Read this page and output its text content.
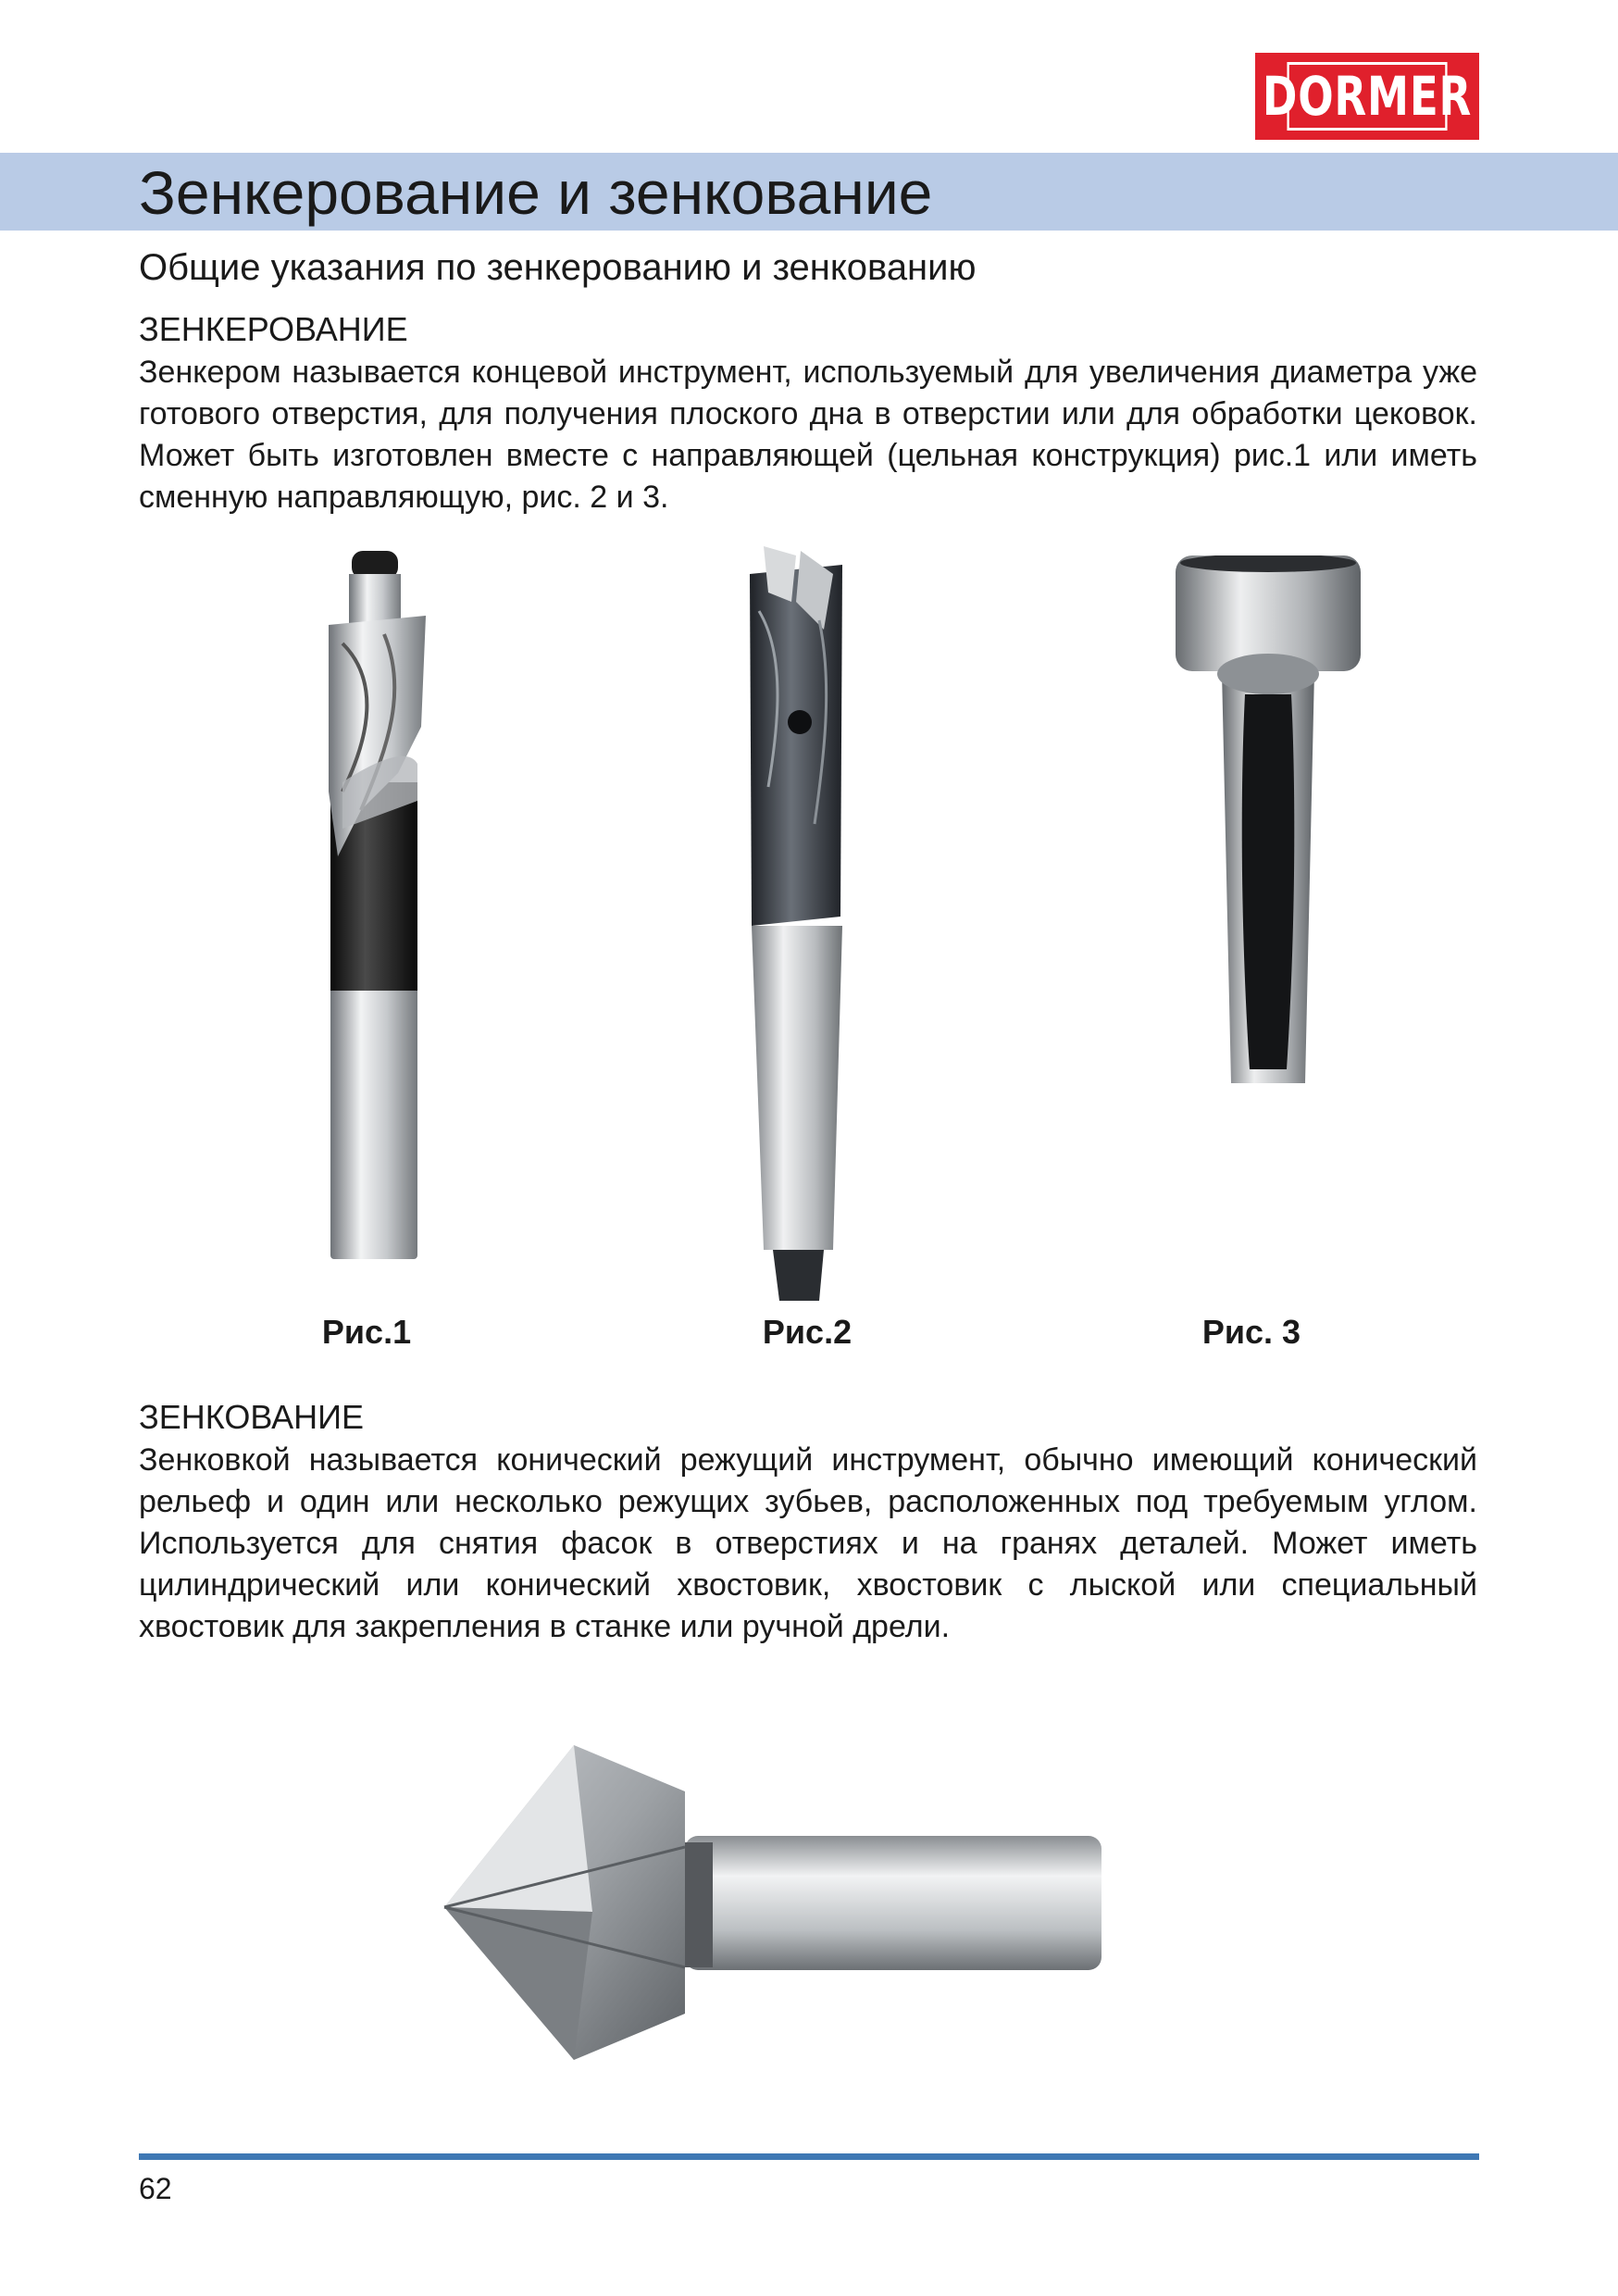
DORMER
Зенкерование и зенкование
Общие указания по зенкерованию и зенкованию
ЗЕНКЕРОВАНИЕ

Зенкером называется концевой инструмент, используемый для увеличения диаметра уже готового отверстия, для получения плоского дна в отверстии или для обработки цековок. Может быть изготовлен вместе с направляющей (цельная конструкция) рис.1 или иметь сменную направляющую, рис. 2 и 3.

Рис.1	Рис.2	Рис. 3
ЗЕНКОВАНИЕ

Зенковкой называется конический режущий инструмент, обычно имеющий конический рельеф и один или несколько режущих зубьев, расположенных под требуемым углом. Используется для снятия фасок в отверстиях и на гранях деталей. Может иметь цилиндрический или конический хвостовик, хвостовик с лыской или специальный хвостовик для закрепления в станке или ручной дрели.

62
